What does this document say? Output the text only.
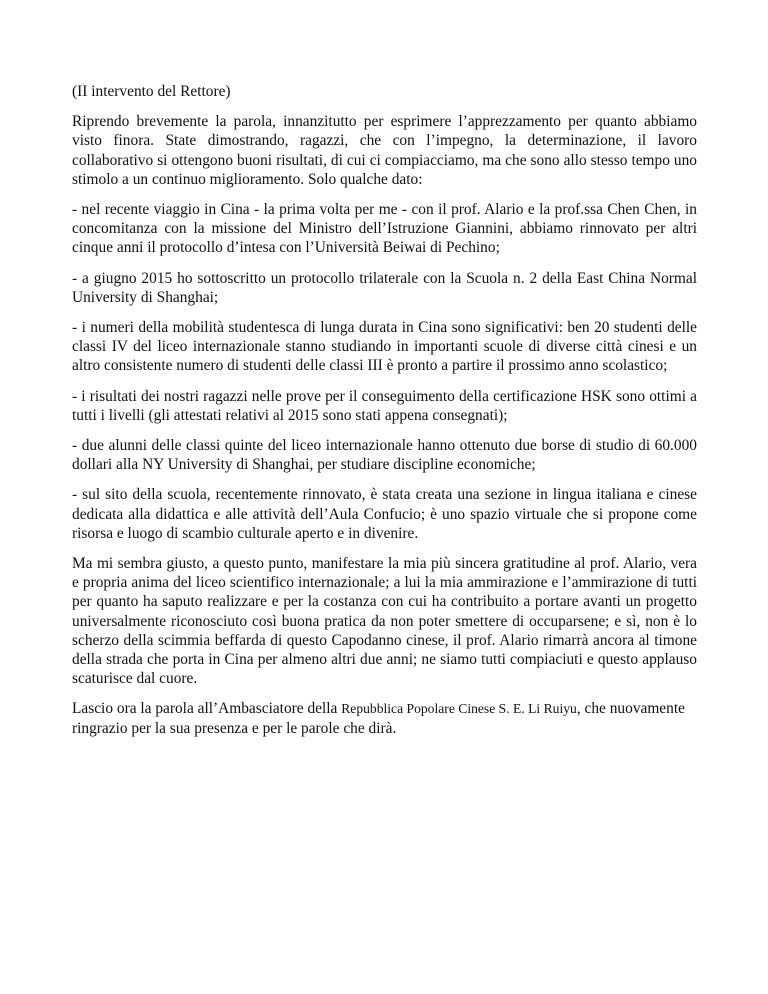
(II intervento del Rettore)

Riprendo brevemente la parola, innanzitutto per esprimere l’apprezzamento per quanto abbiamo visto finora. State dimostrando, ragazzi, che con l’impegno, la determinazione, il lavoro collaborativo si ottengono buoni risultati, di cui ci compiacciamo, ma che sono allo stesso tempo uno stimolo a un continuo miglioramento. Solo qualche dato:

- nel recente viaggio in Cina - la prima volta per me - con il prof. Alario e la prof.ssa Chen Chen, in concomitanza con la missione del Ministro dell’Istruzione Giannini, abbiamo rinnovato per altri cinque anni il protocollo d’intesa con l’Università Beiwai di Pechino;

- a giugno 2015 ho sottoscritto un protocollo trilaterale con la Scuola n. 2 della East China Normal University di Shanghai;

- i numeri della mobilità studentesca di lunga durata in Cina sono significativi: ben 20 studenti delle classi IV del liceo internazionale stanno studiando in importanti scuole di diverse città cinesi e un altro consistente numero di studenti delle classi III è pronto a partire il prossimo anno scolastico;

- i risultati dei nostri ragazzi nelle prove per il conseguimento della certificazione HSK sono ottimi a tutti i livelli (gli attestati relativi al 2015 sono stati appena consegnati);

- due alunni delle classi quinte del liceo internazionale hanno ottenuto due borse di studio di 60.000 dollari alla NY University di Shanghai, per studiare discipline economiche;

- sul sito della scuola, recentemente rinnovato, è stata creata una sezione in lingua italiana e cinese dedicata alla didattica e alle attività dell’Aula Confucio; è uno spazio virtuale che si propone come risorsa e luogo di scambio culturale aperto e in divenire.

Ma mi sembra giusto, a questo punto, manifestare la mia più sincera gratitudine al prof. Alario, vera e propria anima del liceo scientifico internazionale; a lui la mia ammirazione e l’ammirazione di tutti per quanto ha saputo realizzare e per la costanza con cui ha contribuito a portare avanti un progetto universalmente riconosciuto così buona pratica da non poter smettere di occuparsene; e sì, non è lo scherzo della scimmia beffarda di questo Capodanno cinese, il prof. Alario rimarrà ancora al timone della strada che porta in Cina per almeno altri due anni; ne siamo tutti compiaciuti e questo applauso scaturisce dal cuore.

Lascio ora la parola all’Ambasciatore della Repubblica Popolare Cinese S. E. Li Ruiyu, che nuovamente ringrazio per la sua presenza e per le parole che dirà.
